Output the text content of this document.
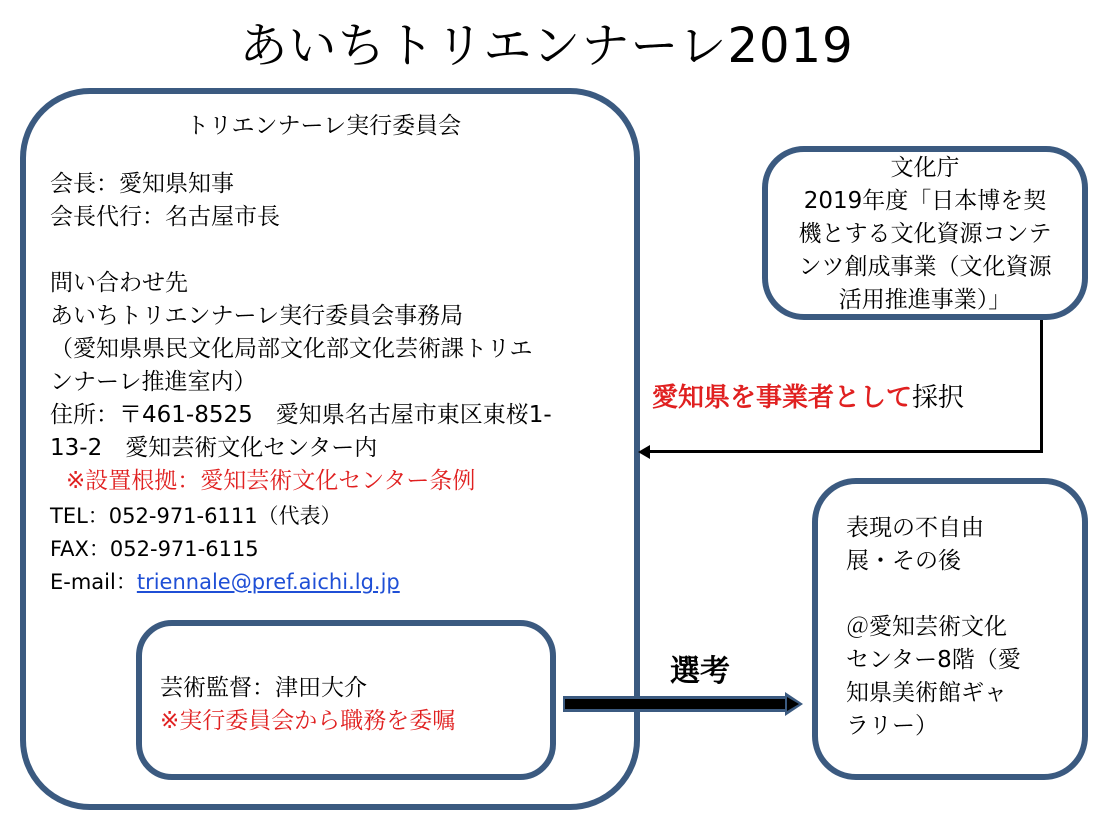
あいちトリエンナーレ2019
トリエンナーレ実行委員会
会長：愛知県知事
会長代行：名古屋市長
問い合わせ先
あいちトリエンナーレ実行委員会事務局
（愛知県県民文化局部文化部文化芸術課トリエ
ンナーレ推進室内）
住所：〒461-8525　愛知県名古屋市東区東桜1-
13-2　愛知芸術文化センター内
※設置根拠：愛知芸術文化センター条例
TEL：052-971-6111（代表）
FAX：052-971-6115
E-mail：triennale@pref.aichi.lg.jp
芸術監督：津田大介
※実行委員会から職務を委嘱
文化庁
2019年度「日本博を契
機とする文化資源コンテ
ンツ創成事業（文化資源
活用推進事業）」
愛知県を事業者として採択
選考
表現の不自由
展・その後
＠愛知芸術文化
センター8階（愛
知県美術館ギャ
ラリー）
